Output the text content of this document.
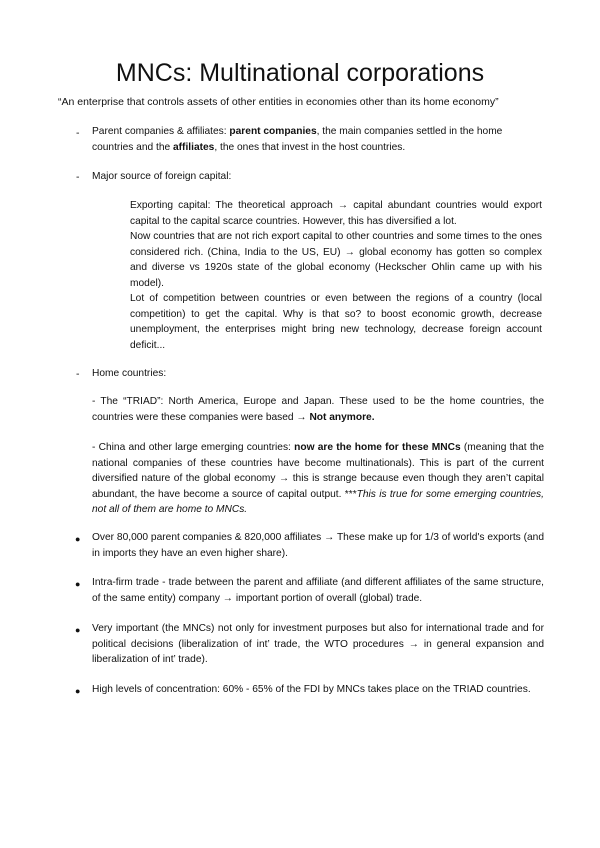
MNCs: Multinational corporations

“An enterprise that controls assets of other entities in economies other than its home economy”

- Parent companies & affiliates: parent companies, the main companies settled in the home countries and the affiliates, the ones that invest in the host countries.

- Major source of foreign capital:

Exporting capital: The theoretical approach → capital abundant countries would export capital to the capital scarce countries. However, this has diversified a lot.

Now countries that are not rich export capital to other countries and some times to the ones considered rich. (China, India to the US, EU) → global economy has gotten so complex and diverse vs 1920s state of the global economy (Heckscher Ohlin came up with his model).

Lot of competition between countries or even between the regions of a country (local competition) to get the capital. Why is that so? to boost economic growth, decrease unemployment, the enterprises might bring new technology, decrease foreign account deficit...

- Home countries:

- The “TRIAD”: North America, Europe and Japan. These used to be the home countries, the countries were these companies were based → Not anymore.

- China and other large emerging countries: now are the home for these MNCs (meaning that the national companies of these countries have become multinationals). This is part of the current diversified nature of the global economy → this is strange because even though they aren’t capital abundant, the have become a source of capital output. ***This is true for some emerging countries, not all of them are home to MNCs.

● Over 80,000 parent companies & 820,000 affiliates → These make up for 1/3 of world's exports (and in imports they have an even higher share).

● Intra-firm trade - trade between the parent and affiliate (and different affiliates of the same structure, of the same entity) company → important portion of overall (global) trade.

● Very important (the MNCs) not only for investment purposes but also for international trade and for political decisions (liberalization of int’ trade, the WTO procedures → in general expansion and liberalization of int’ trade).

● High levels of concentration: 60% - 65% of the FDI by MNCs takes place on the TRIAD countries.
